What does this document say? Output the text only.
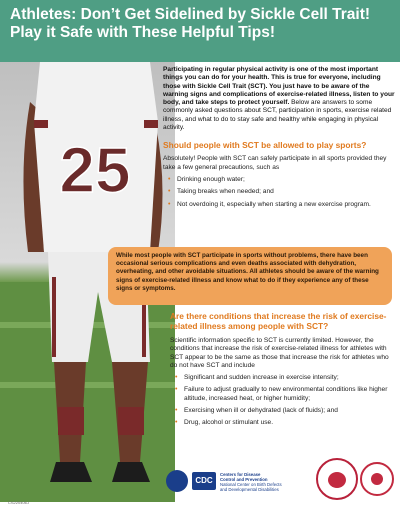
Athletes: Don’t Get Sidelined by Sickle Cell Trait!
Play it Safe with These Helpful Tips!
25

Participating in regular physical activity is one of the most important things you can do for your health. This is true for everyone, including those with Sickle Cell Trait (SCT). You just have to be aware of the warning signs and complications of exercise-related illness, listen to your body, and take steps to protect yourself. Below are answers to some commonly asked questions about SCT, participation in sports, exercise related illness, and what to do to stay safe and healthy while engaging in physical activity.

Should people with SCT be allowed to play sports?

Absolutely! People with SCT can safely participate in all sports provided they take a few general precautions, such as

• Drinking enough water;
• Taking breaks when needed; and
• Not overdoing it, especially when starting a new exercise program.
While most people with SCT participate in sports without problems, there have been occasional serious complications and even deaths associated with dehydration, overheating, and other avoidable situations. All athletes should be aware of the warning signs of exercise-related illness and know what to do if they experience any of these signs or symptoms.
Are there conditions that increase the risk of exercise-related illness among people with SCT?

Scientific information specific to SCT is currently limited. However, the conditions that increase the risk of exercise-related illness for athletes with SCT appear to be the same as those that increase the risk for athletes who do not have SCT and include

• Significant and sudden increase in exercise intensity;
• Failure to adjust gradually to new environmental conditions like higher altitude, increased heat, or higher humidity;
• Exercising when ill or dehydrated (lack of fluids); and
• Drug, alcohol or stimulant use.
CS220406-I
CDC
Centers for Disease
Control and Prevention
National Center on Birth Defects
and Developmental Disabilities
